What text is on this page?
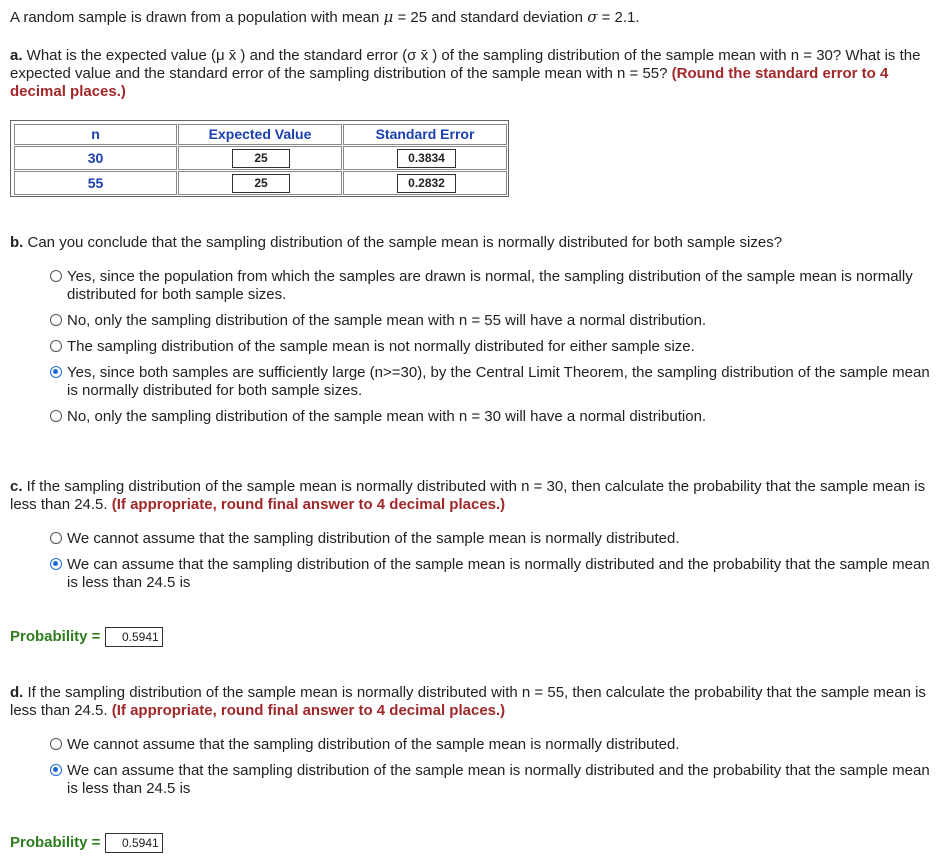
A random sample is drawn from a population with mean μ = 25 and standard deviation σ = 2.1.
a. What is the expected value (μ x̄ ) and the standard error (σ x̄ ) of the sampling distribution of the sample mean with n = 30? What is the expected value and the standard error of the sampling distribution of the sample mean with n = 55? (Round the standard error to 4 decimal places.)
n	Expected Value	Standard Error
30	25	0.3834
55	25	0.2832
b. Can you conclude that the sampling distribution of the sample mean is normally distributed for both sample sizes?
Yes, since the population from which the samples are drawn is normal, the sampling distribution of the sample mean is normally distributed for both sample sizes.
No, only the sampling distribution of the sample mean with n = 55 will have a normal distribution.
The sampling distribution of the sample mean is not normally distributed for either sample size.
Yes, since both samples are sufficiently large (n>=30), by the Central Limit Theorem, the sampling distribution of the sample mean is normally distributed for both sample sizes.
No, only the sampling distribution of the sample mean with n = 30 will have a normal distribution.
c. If the sampling distribution of the sample mean is normally distributed with n = 30, then calculate the probability that the sample mean is less than 24.5. (If appropriate, round final answer to 4 decimal places.)
We cannot assume that the sampling distribution of the sample mean is normally distributed.
We can assume that the sampling distribution of the sample mean is normally distributed and the probability that the sample mean is less than 24.5 is
Probability =	0.5941
d. If the sampling distribution of the sample mean is normally distributed with n = 55, then calculate the probability that the sample mean is less than 24.5. (If appropriate, round final answer to 4 decimal places.)
We cannot assume that the sampling distribution of the sample mean is normally distributed.
We can assume that the sampling distribution of the sample mean is normally distributed and the probability that the sample mean is less than 24.5 is
Probability =	0.5941
